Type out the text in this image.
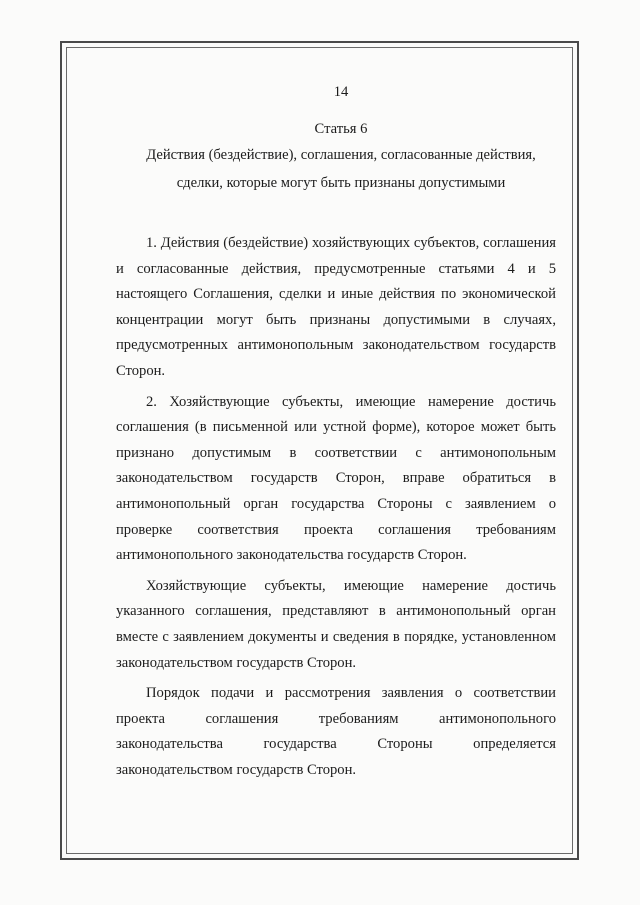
14
Статья 6
Действия (бездействие), соглашения, согласованные действия,
сделки, которые могут быть признаны допустимыми

1. Действия (бездействие) хозяйствующих субъектов, соглашения и согласованные действия, предусмотренные статьями 4 и 5 настоящего Соглашения, сделки и иные действия по экономической концентрации могут быть признаны допустимыми в случаях, предусмотренных антимонопольным законодательством государств Сторон.

2. Хозяйствующие субъекты, имеющие намерение достичь соглашения (в письменной или устной форме), которое может быть признано допустимым в соответствии с антимонопольным законодательством государств Сторон, вправе обратиться в антимонопольный орган государства Стороны с заявлением о проверке соответствия проекта соглашения требованиям антимонопольного законодательства государств Сторон.

Хозяйствующие субъекты, имеющие намерение достичь указанного соглашения, представляют в антимонопольный орган вместе с заявлением документы и сведения в порядке, установленном законодательством государств Сторон.

Порядок подачи и рассмотрения заявления о соответствии проекта соглашения требованиям антимонопольного законодательства государства Стороны определяется законодательством государств Сторон.
